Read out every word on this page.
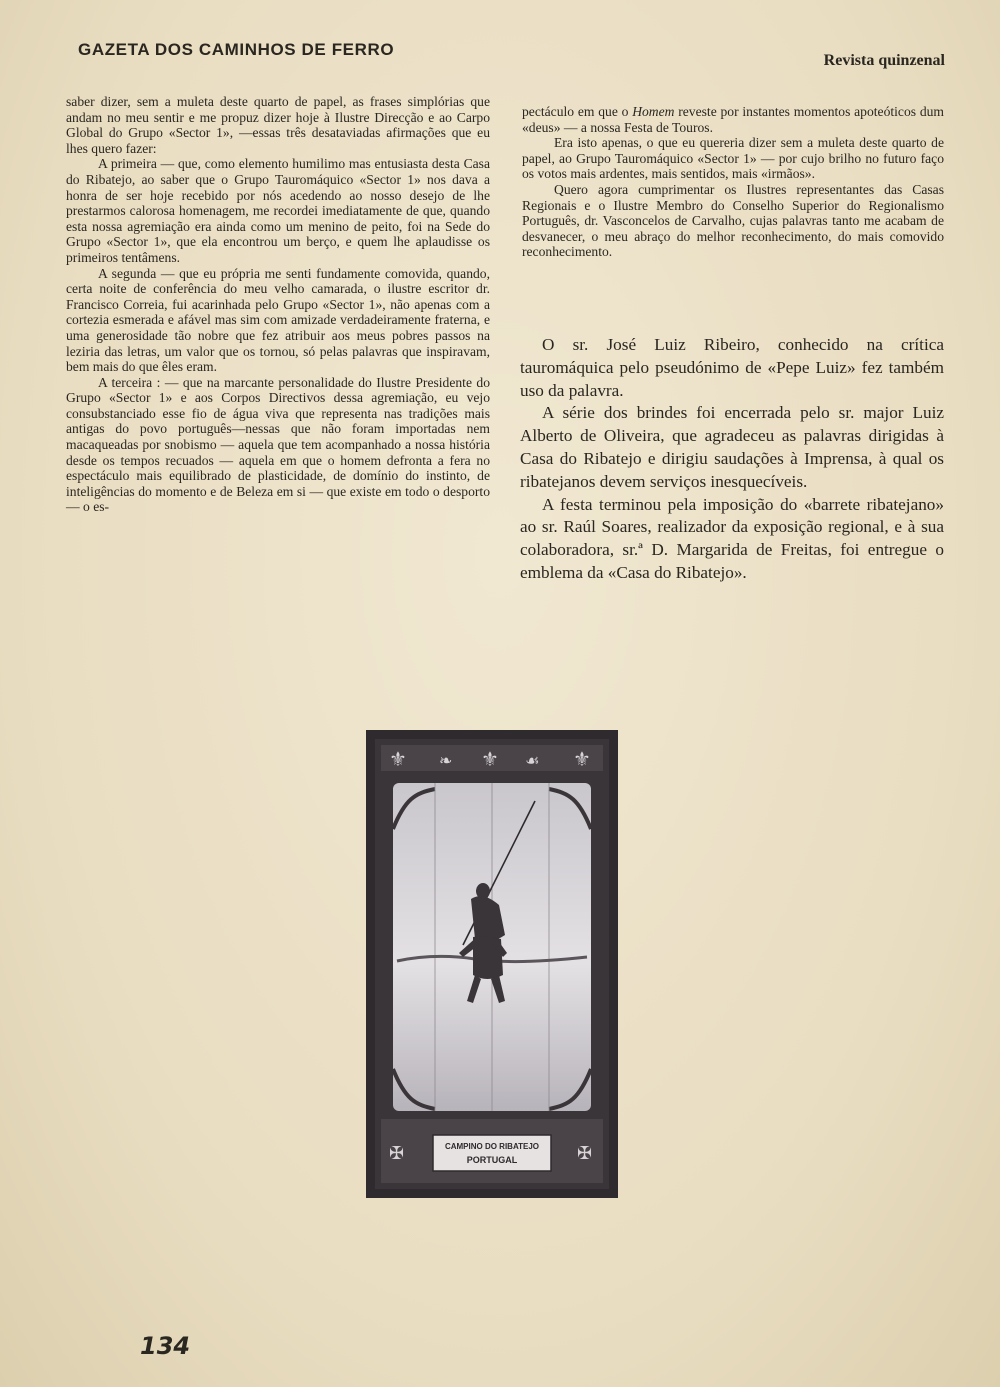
GAZETA DOS CAMINHOS DE FERRO
Revista quinzenal

saber dizer, sem a muleta deste quarto de papel, as frases simplórias que andam no meu sentir e me propuz dizer hoje à Ilustre Direcção e ao Carpo Global do Grupo «Sector 1», —essas três desataviadas afirmações que eu lhes quero fazer:

A primeira — que, como elemento humilimo mas entusiasta desta Casa do Ribatejo, ao saber que o Grupo Tauromáquico «Sector 1» nos dava a honra de ser hoje recebido por nós acedendo ao nosso desejo de lhe prestarmos calorosa homenagem, me recordei imediatamente de que, quando esta nossa agremiação era ainda como um menino de peito, foi na Sede do Grupo «Sector 1», que ela encontrou um berço, e quem lhe aplaudisse os primeiros tentâmens.

A segunda — que eu própria me senti fundamente comovida, quando, certa noite de conferência do meu velho camarada, o ilustre escritor dr. Francisco Correia, fui acarinhada pelo Grupo «Sector 1», não apenas com a cortezia esmerada e afável mas sim com amizade verdadeiramente fraterna, e uma generosidade tão nobre que fez atribuir aos meus pobres passos na leziria das letras, um valor que os tornou, só pelas palavras que inspiravam, bem mais do que êles eram.

A terceira : — que na marcante personalidade do Ilustre Presidente do Grupo «Sector 1» e aos Corpos Directivos dessa agremiação, eu vejo consubstanciado esse fio de água viva que representa nas tradições mais antigas do povo português—nessas que não foram importadas nem macaqueadas por snobismo — aquela que tem acompanhado a nossa história desde os tempos recuados — aquela em que o homem defronta a fera no espectáculo mais equilibrado de plasticidade, de domínio do instinto, de inteligências do momento e de Beleza em si — que existe em todo o desporto — o es-

pectáculo em que o Homem reveste por instantes momentos apoteóticos dum «deus» — a nossa Festa de Touros.

Era isto apenas, o que eu quereria dizer sem a muleta deste quarto de papel, ao Grupo Tauromáquico «Sector 1» — por cujo brilho no futuro faço os votos mais ardentes, mais sentidos, mais «irmãos».

Quero agora cumprimentar os Ilustres representantes das Casas Regionais e o Ilustre Membro do Conselho Superior do Regionalismo Português, dr. Vasconcelos de Carvalho, cujas palavras tanto me acabam de desvanecer, o meu abraço do melhor reconhecimento, do mais comovido reconhecimento.

O sr. José Luiz Ribeiro, conhecido na crítica tauromáquica pelo pseudónimo de «Pepe Luiz» fez também uso da palavra.

A série dos brindes foi encerrada pelo sr. major Luiz Alberto de Oliveira, que agradeceu as palavras dirigidas à Casa do Ribatejo e dirigiu saudações à Imprensa, à qual os ribatejanos devem serviços inesquecíveis.

A festa terminou pela imposição do «barrete ribatejano» ao sr. Raúl Soares, realizador da exposição regional, e à sua colaboradora, sr.ª D. Margarida de Freitas, foi entregue o emblema da «Casa do Ribatejo».

⚜ ❧ ⚜ ☙ ⚜
✠	✠
CAMPINO DO RIBATEJO
PORTUGAL
134
